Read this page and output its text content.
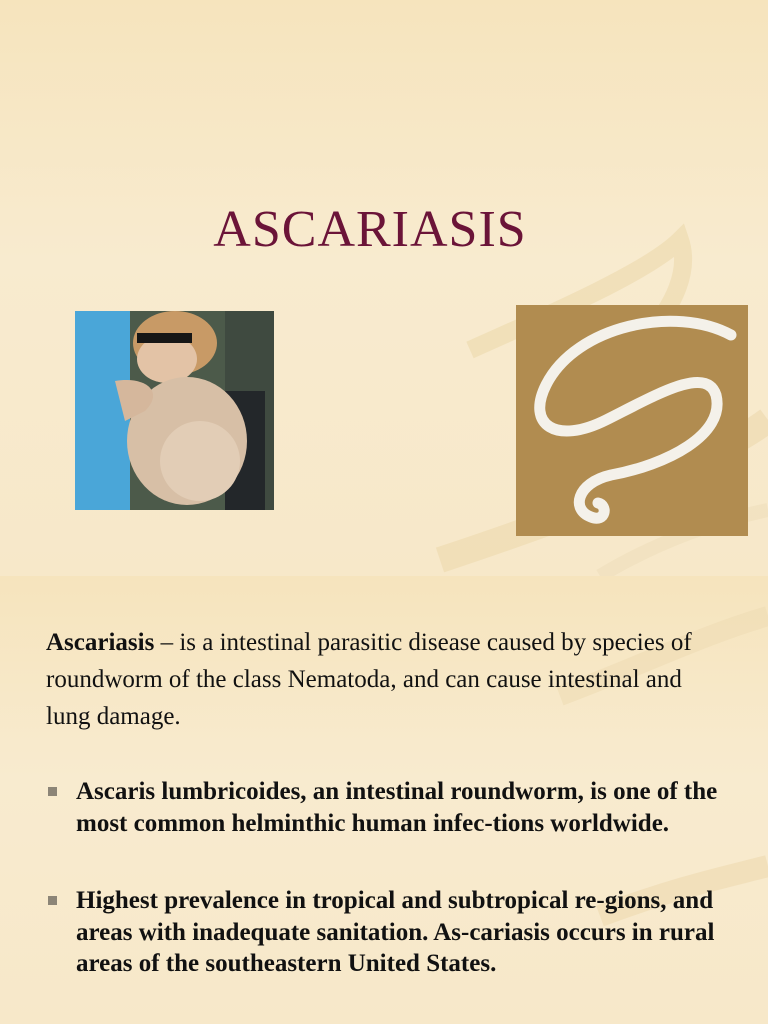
ASCARIASIS

Ascariasis – is a intestinal parasitic disease caused by species of roundworm of the class Nematoda, and can cause intestinal and lung damage.

Ascaris lumbricoides, an intestinal roundworm, is one of the most common helminthic human infec-tions worldwide.
Highest prevalence in tropical and subtropical re-gions, and areas with inadequate sanitation. As-cariasis occurs in rural areas of the southeastern United States.
